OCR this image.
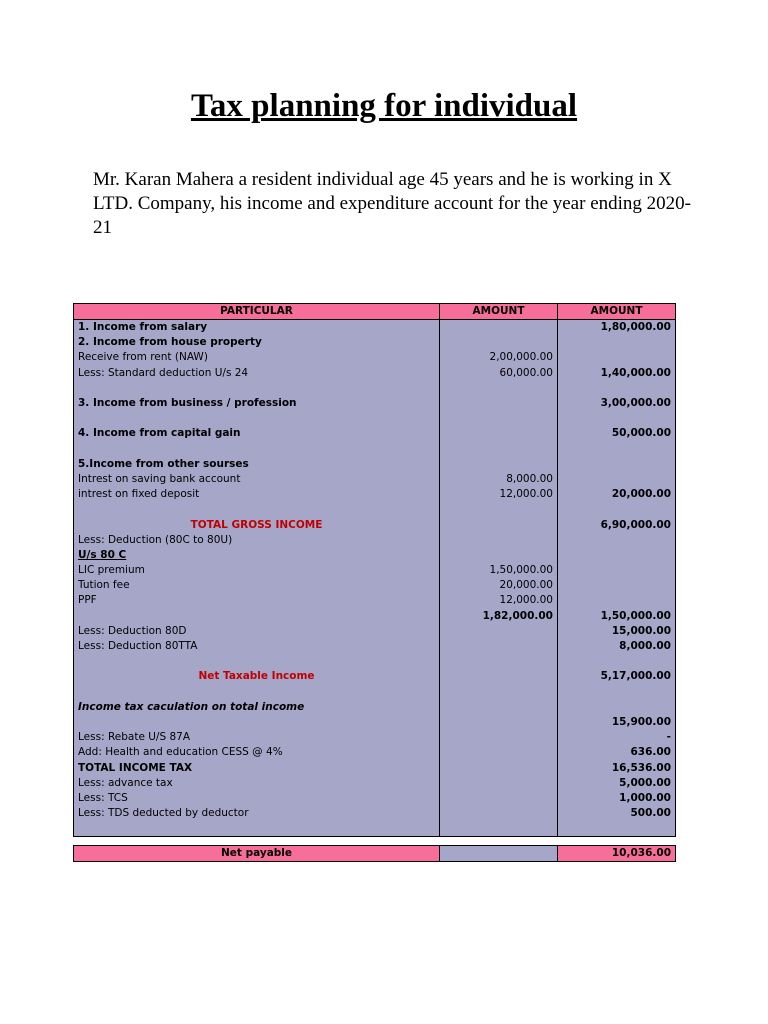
Tax planning for individual
Mr. Karan Mahera a resident individual age 45 years and he is working in X LTD. Company, his income and expenditure account for the year ending 2020-21
PARTICULAR	AMOUNT	AMOUNT
1. Income from salary		1,80,000.00
2. Income from house property		
Receive from rent (NAW)	2,00,000.00	
Less: Standard deduction U/s 24	60,000.00	1,40,000.00

3. Income from business / profession		3,00,000.00

4. Income from capital gain		50,000.00

5.Income from other sourses		
Intrest on saving bank account	8,000.00	
intrest on fixed deposit	12,000.00	20,000.00

TOTAL GROSS INCOME		6,90,000.00
Less: Deduction (80C to 80U)		
U/s 80 C		
LIC premium	1,50,000.00	
Tution fee	20,000.00	
PPF	12,000.00	
	1,82,000.00	1,50,000.00
Less: Deduction 80D		15,000.00
Less: Deduction 80TTA		8,000.00

Net Taxable Income		5,17,000.00

Income tax caculation on total income		
		15,900.00
Less: Rebate U/S 87A		-
Add: Health and education CESS @ 4%		636.00
TOTAL INCOME TAX		16,536.00
Less: advance tax		5,000.00
Less: TCS		1,000.00
Less: TDS deducted by deductor		500.00

Net payable		10,036.00
